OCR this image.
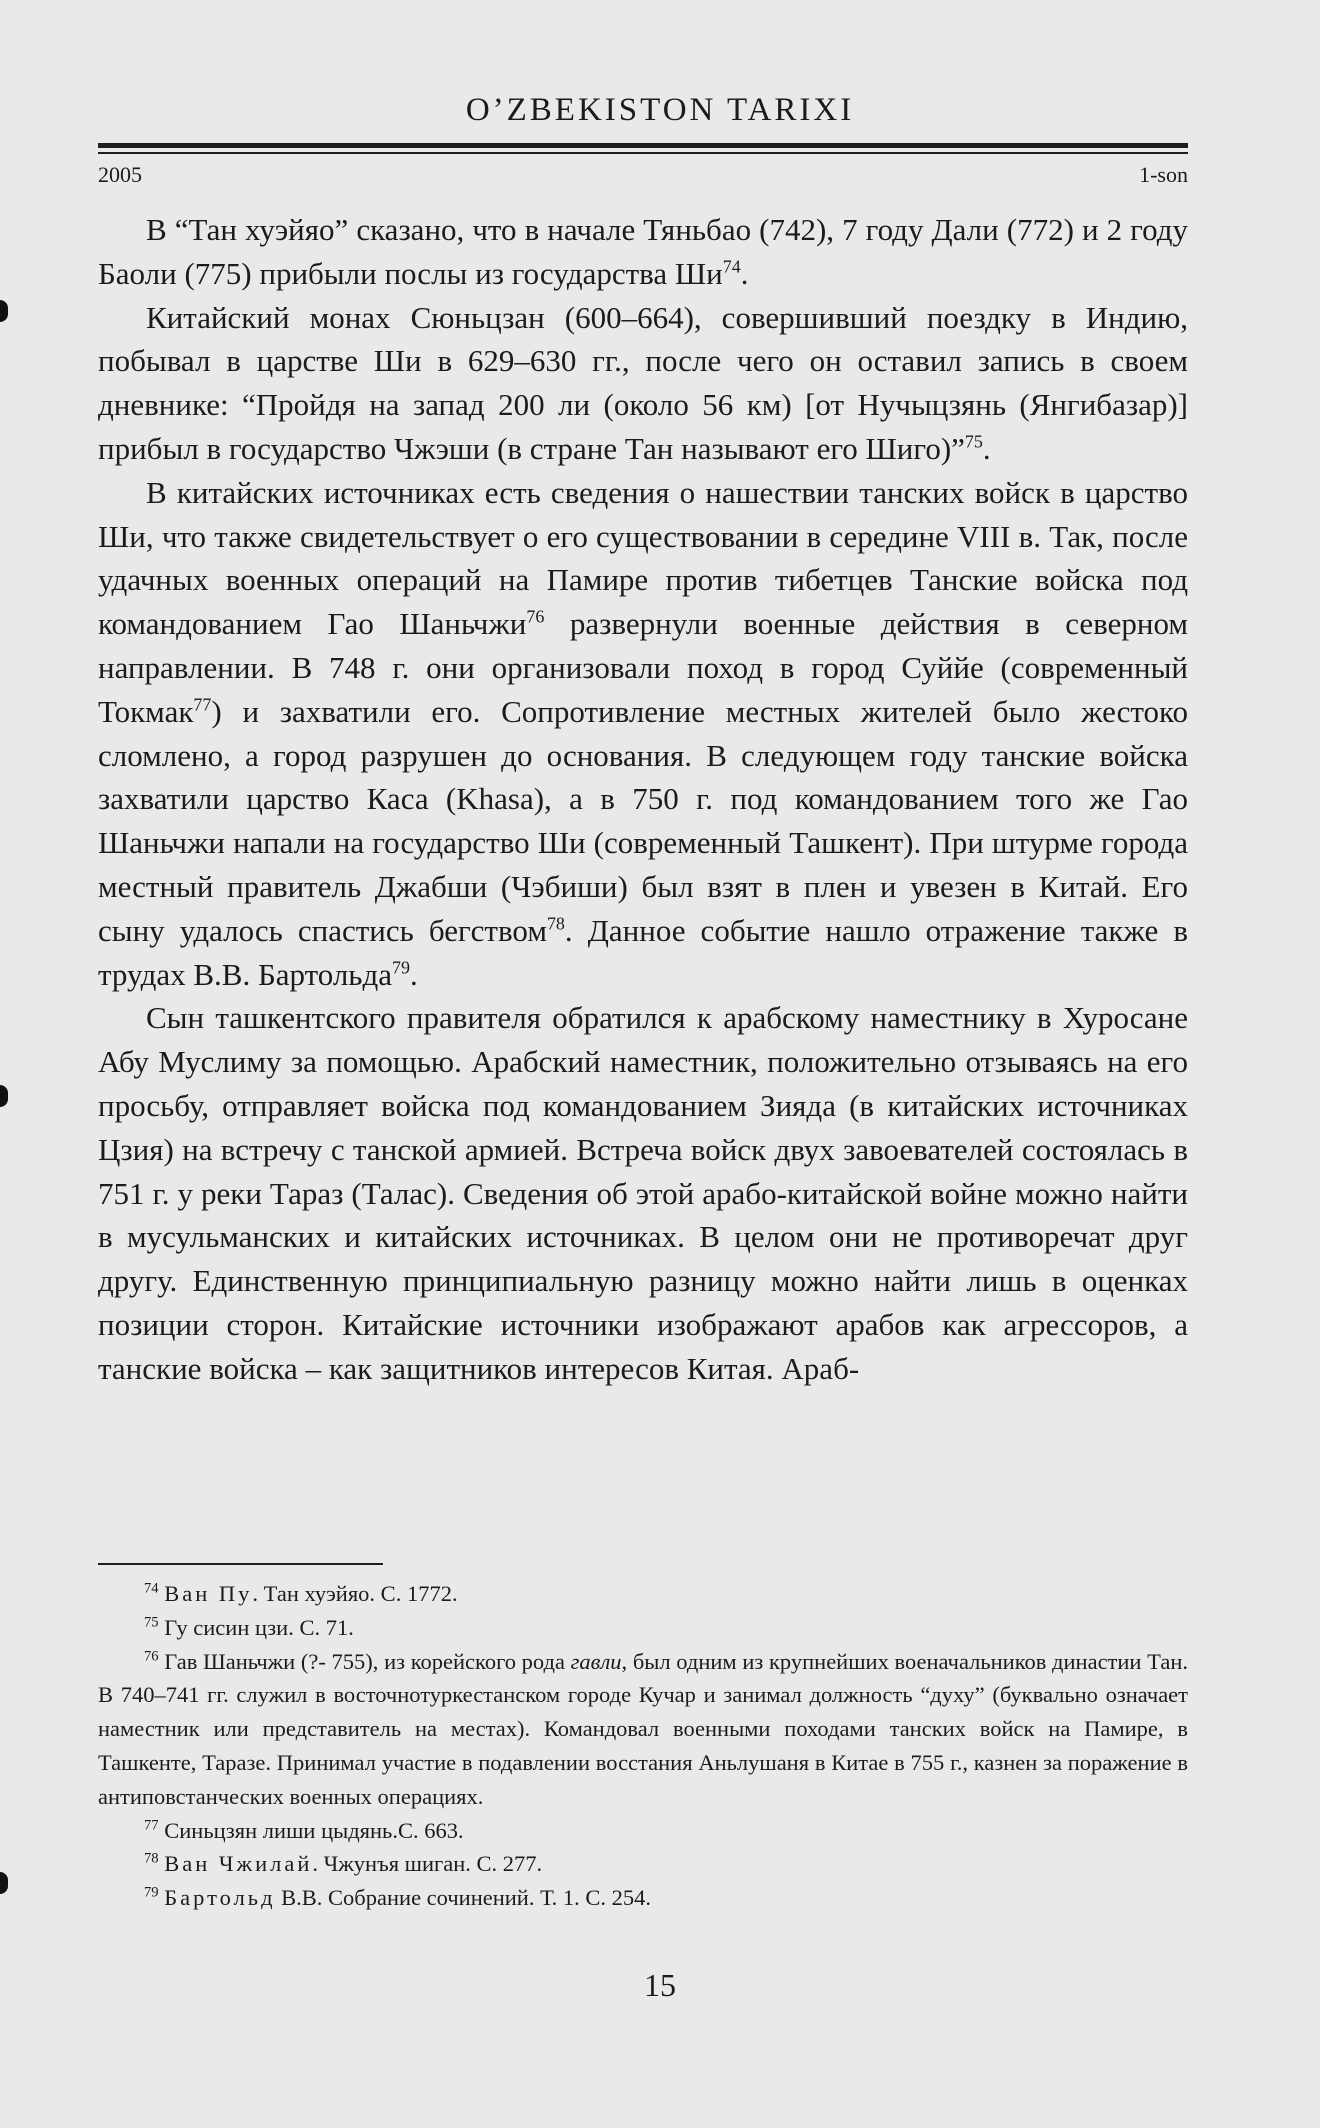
O’ZBEKISTON TARIXI
2005	1-son

В “Тан хуэйяо” сказано, что в начале Тяньбао (742), 7 году Дали (772) и 2 году Баоли (775) прибыли послы из государства $Ши^{74}$.

Китайский монах Сюньцзан (600–664), совершивший поездку в Индию, побывал в царстве Ши в 629–630 гг., после чего он оставил запись в своем дневнике: “Пройдя на запад 200 ли (около 56 км) [от Нучыцзянь (Янгибазар)] прибыл в государство Чжэши (в стране Тан называют его Шиго)”$^{75}$.

В китайских источниках есть сведения о нашествии танских войск в царство Ши, что также свидетельствует о его существовании в середине VIII в. Так, после удачных военных операций на Памире против тибетцев Танские войска под командованием Гао Шаньчжи$^{76}$ развернули военные действия в северном направлении. В 748 г. они организовали поход в город Суййе (современный Токмак$^{77}$) и захватили его. Сопротивление местных жителей было жестоко сломлено, а город разрушен до основания. В следующем году танские войска захватили царство Каса (Khasa), а в 750 г. под командованием того же Гао Шаньчжи напали на государство Ши (современный Ташкент). При штурме города местный правитель Джабши (Чэбиши) был взят в плен и увезен в Китай. Его сыну удалось спастись бегством$^{78}$. Данное событие нашло отражение также в трудах В.В. Бартольда$^{79}$.

Сын ташкентского правителя обратился к арабскому наместнику в Хуросане Абу Муслиму за помощью. Арабский наместник, положительно отзываясь на его просьбу, отправляет войска под командованием Зияда (в китайских источниках Цзия) на встречу с танской армией. Встреча войск двух завоевателей состоялась в 751 г. у реки Тараз (Талас). Сведения об этой арабо-китайской войне можно найти в мусульманских и китайских источниках. В целом они не противоречат друг другу. Единственную принципиальную разницу можно найти лишь в оценках позиции сторон. Китайские источники изображают арабов как агрессоров, а танские войска – как защитников интересов Китая. Араб-

$^{74}$ Ван Пу. Тан хуэйяо. С. 1772.

$^{75}$ Гу сисин цзи. С. 71.

$^{76}$ Гав Шаньчжи (?- 755), из корейского рода гавли, был одним из крупнейших военачальников династии Тан. В 740–741 гг. служил в восточнотуркестанском городе Кучар и занимал должность “духу” (буквально означает наместник или представитель на местах). Командовал военными походами танских войск на Памире, в Ташкенте, Таразе. Принимал участие в подавлении восстания Аньлушаня в Китае в 755 г., казнен за поражение в антиповстанческих военных операциях.

$^{77}$ Синьцзян лиши цыдянь.С. 663.

$^{78}$ Ван Чжилай. Чжунъя шиган. С. 277.

$^{79}$ Бартольд В.В. Собрание сочинений. Т. 1. С. 254.

15
